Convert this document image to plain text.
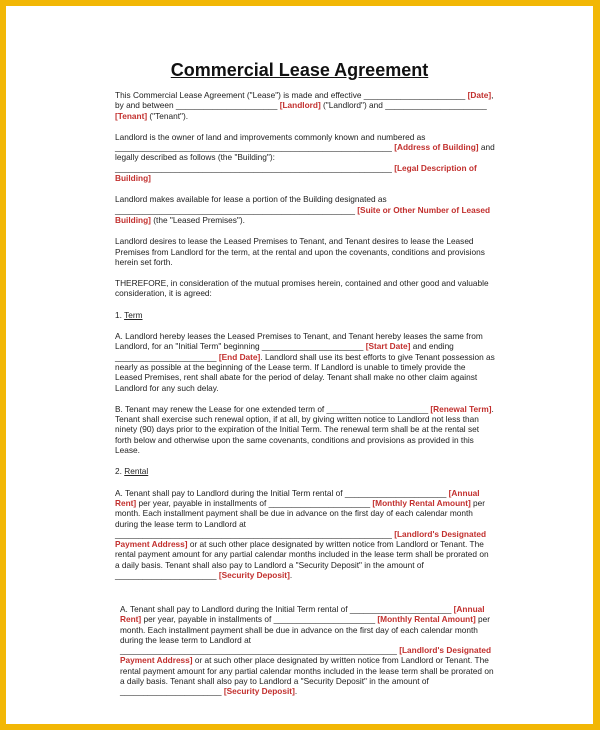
Commercial Lease Agreement

This Commercial Lease Agreement ("Lease") is made and effective ______________________ [Date], by and between ______________________ [Landlord] ("Landlord") and ______________________ [Tenant] ("Tenant").

Landlord is the owner of land and improvements commonly known and numbered as ____________________________________________________________ [Address of Building] and legally described as follows (the "Building"): ____________________________________________________________ [Legal Description of Building]

Landlord makes available for lease a portion of the Building designated as ____________________________________________________ [Suite or Other Number of Leased Building] (the "Leased Premises").

Landlord desires to lease the Leased Premises to Tenant, and Tenant desires to lease the Leased Premises from Landlord for the term, at the rental and upon the covenants, conditions and provisions herein set forth.

THEREFORE, in consideration of the mutual promises herein, contained and other good and valuable consideration, it is agreed:

1. Term

A. Landlord hereby leases the Leased Premises to Tenant, and Tenant hereby leases the same from Landlord, for an "Initial Term" beginning ______________________ [Start Date] and ending ______________________ [End Date]. Landlord shall use its best efforts to give Tenant possession as nearly as possible at the beginning of the Lease term. If Landlord is unable to timely provide the Leased Premises, rent shall abate for the period of delay. Tenant shall make no other claim against Landlord for any such delay.

B. Tenant may renew the Lease for one extended term of ______________________ [Renewal Term]. Tenant shall exercise such renewal option, if at all, by giving written notice to Landlord not less than ninety (90) days prior to the expiration of the Initial Term. The renewal term shall be at the rental set forth below and otherwise upon the same covenants, conditions and provisions as provided in this Lease.

2. Rental

A. Tenant shall pay to Landlord during the Initial Term rental of ______________________ [Annual Rent] per year, payable in installments of ______________________ [Monthly Rental Amount] per month. Each installment payment shall be due in advance on the first day of each calendar month during the lease term to Landlord at ____________________________________________________________ [Landlord's Designated Payment Address] or at such other place designated by written notice from Landlord or Tenant. The rental payment amount for any partial calendar months included in the lease term shall be prorated on a daily basis. Tenant shall also pay to Landlord a "Security Deposit" in the amount of ______________________ [Security Deposit].

A. Tenant shall pay to Landlord during the Initial Term rental of ______________________ [Annual Rent] per year, payable in installments of ______________________ [Monthly Rental Amount] per month. Each installment payment shall be due in advance on the first day of each calendar month during the lease term to Landlord at ____________________________________________________________ [Landlord's Designated Payment Address] or at such other place designated by written notice from Landlord or Tenant. The rental payment amount for any partial calendar months included in the lease term shall be prorated on a daily basis. Tenant shall also pay to Landlord a "Security Deposit" in the amount of ______________________ [Security Deposit].
